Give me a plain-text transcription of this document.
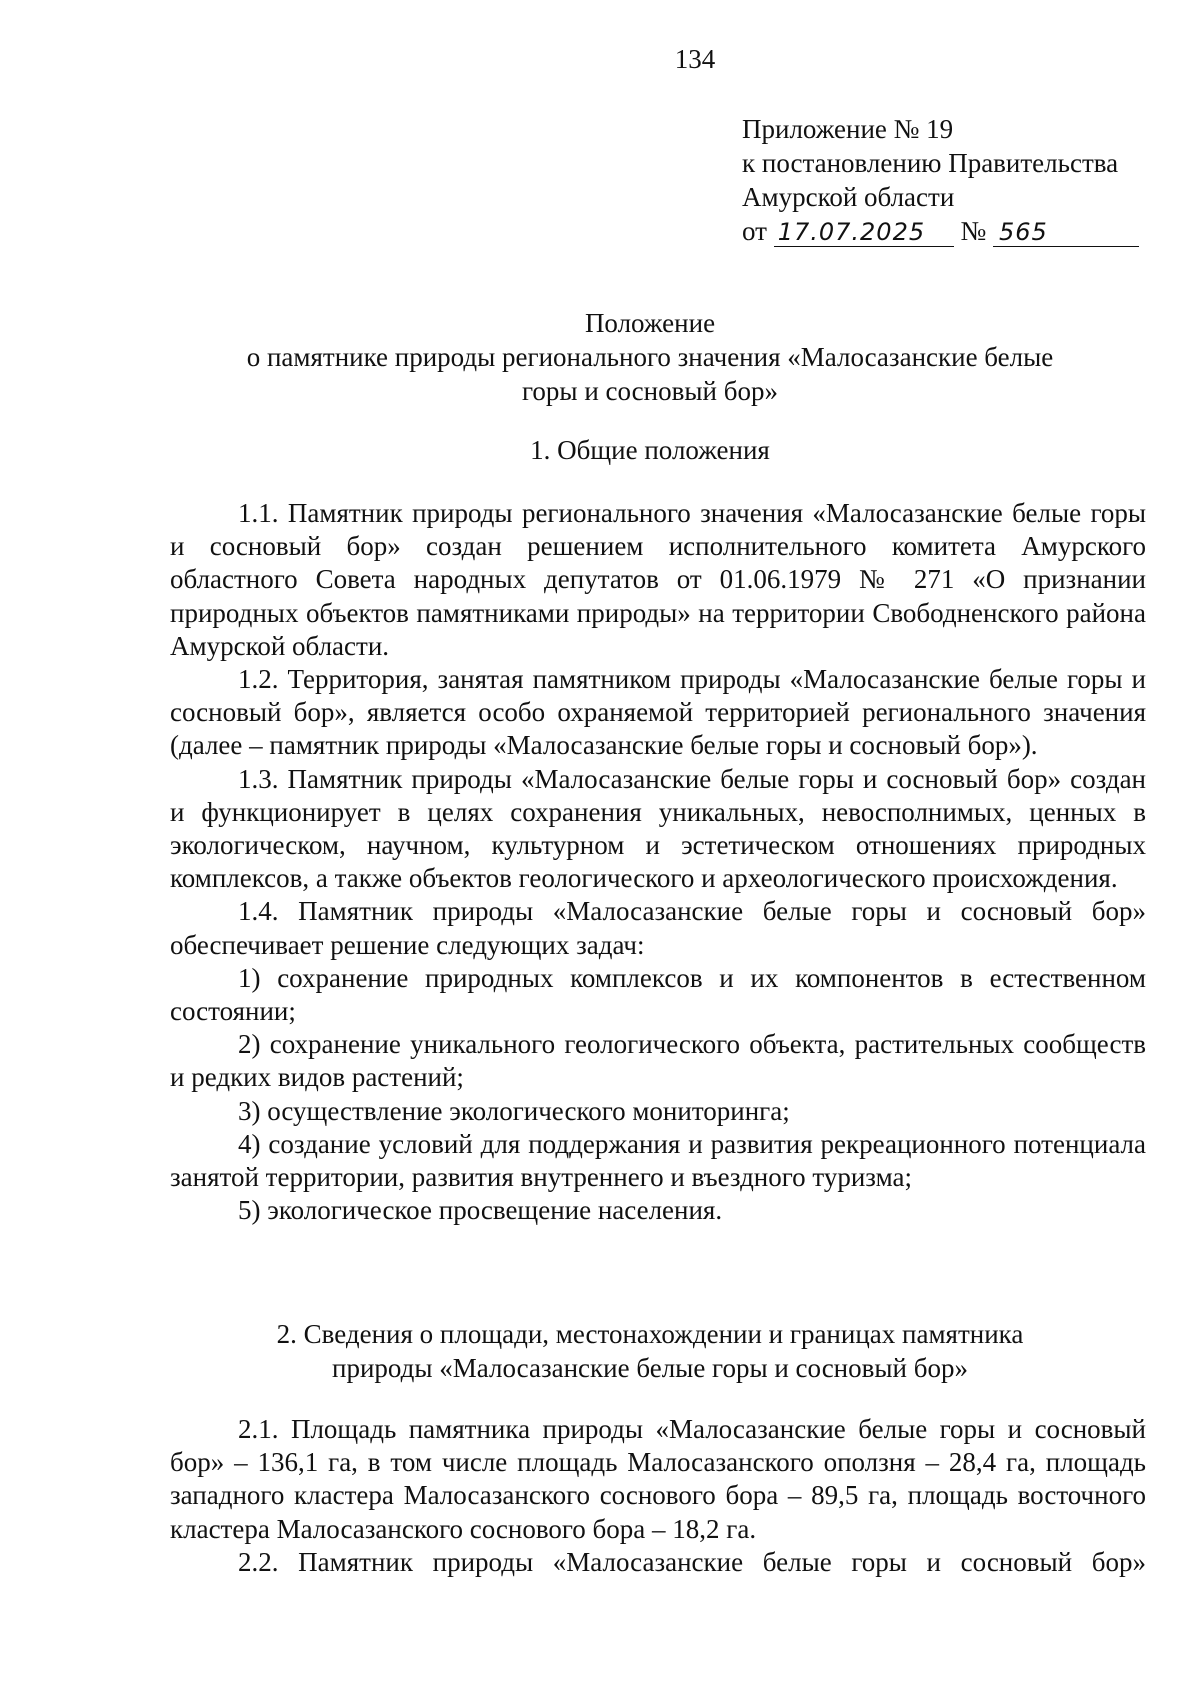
134
Приложение № 19
к постановлению Правительства
Амурской области
от 17.07.2025 № 565
Положение
о памятнике природы регионального значения «Малосазанские белые
горы и сосновый бор»
1. Общие положения

1.1. Памятник природы регионального значения «Малосазанские белые горы и сосновый бор» создан решением исполнительного комитета Амурского областного Совета народных депутатов от 01.06.1979 № 271 «О признании природных объектов памятниками природы» на территории Свободненского района Амурской области.

1.2. Территория, занятая памятником природы «Малосазанские белые горы и сосновый бор», является особо охраняемой территорией регионального значения (далее – памятник природы «Малосазанские белые горы и сосновый бор»).

1.3. Памятник природы «Малосазанские белые горы и сосновый бор» создан и функционирует в целях сохранения уникальных, невосполнимых, ценных в экологическом, научном, культурном и эстетическом отношениях природных комплексов, а также объектов геологического и археологического происхождения.

1.4. Памятник природы «Малосазанские белые горы и сосновый бор» обеспечивает решение следующих задач:

1) сохранение природных комплексов и их компонентов в естественном состоянии;

2) сохранение уникального геологического объекта, растительных сообществ и редких видов растений;

3) осуществление экологического мониторинга;

4) создание условий для поддержания и развития рекреационного потенциала занятой территории, развития внутреннего и въездного туризма;

5) экологическое просвещение населения.

2. Сведения о площади, местонахождении и границах памятника
природы «Малосазанские белые горы и сосновый бор»

2.1. Площадь памятника природы «Малосазанские белые горы и сосновый бор» – 136,1 га, в том числе площадь Малосазанского оползня – 28,4 га, площадь западного кластера Малосазанского соснового бора – 89,5 га, площадь восточного кластера Малосазанского соснового бора – 18,2 га.

2.2. Памятник природы «Малосазанские белые горы и сосновый бор»
